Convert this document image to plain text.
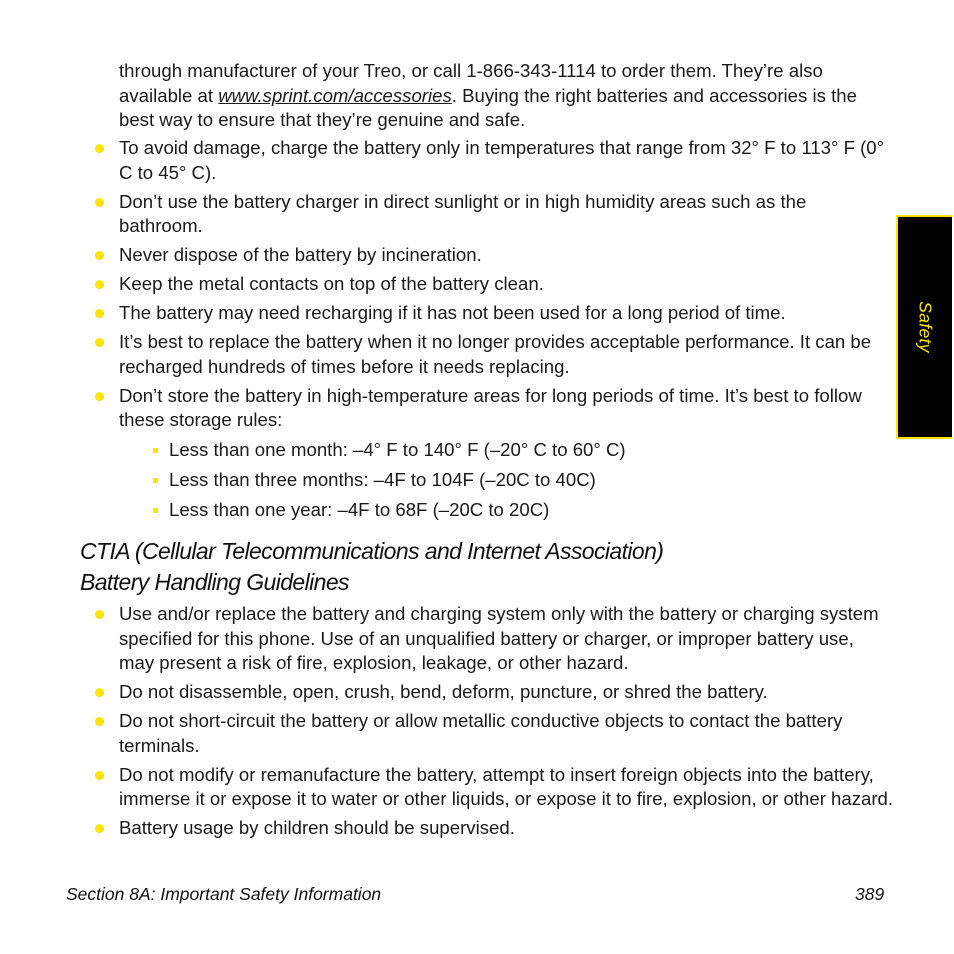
through manufacturer of your Treo, or call 1-866-343-1114 to order them. They’re also available at www.sprint.com/accessories. Buying the right batteries and accessories is the best way to ensure that they’re genuine and safe.

To avoid damage, charge the battery only in temperatures that range from 32° F to 113° F (0° C to 45° C).
Don’t use the battery charger in direct sunlight or in high humidity areas such as the bathroom.
Never dispose of the battery by incineration.
Keep the metal contacts on top of the battery clean.
The battery may need recharging if it has not been used for a long period of time.
It’s best to replace the battery when it no longer provides acceptable performance. It can be recharged hundreds of times before it needs replacing.
Don’t store the battery in high-temperature areas for long periods of time. It’s best to follow these storage rules:
Less than one month: –4° F to 140° F (–20° C to 60° C)
Less than three months: –4F to 104F (–20C to 40C)
Less than one year: –4F to 68F (–20C to 20C)
CTIA (Cellular Telecommunications and Internet Association)
Battery Handling Guidelines
Use and/or replace the battery and charging system only with the battery or charging system specified for this phone. Use of an unqualified battery or charger, or improper battery use, may present a risk of fire, explosion, leakage, or other hazard.
Do not disassemble, open, crush, bend, deform, puncture, or shred the battery.
Do not short-circuit the battery or allow metallic conductive objects to contact the battery terminals.
Do not modify or remanufacture the battery, attempt to insert foreign objects into the battery, immerse it or expose it to water or other liquids, or expose it to fire, explosion, or other hazard.
Battery usage by children should be supervised.
Section 8A: Important Safety Information	389
Safety
